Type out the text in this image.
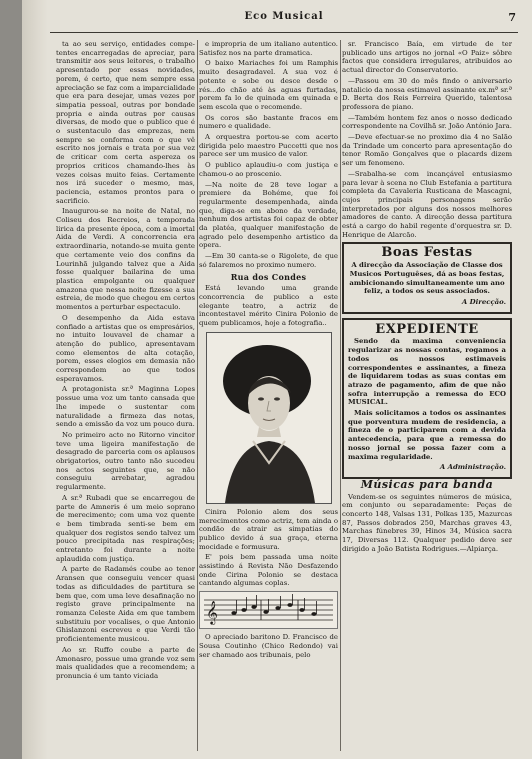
Eco Musical	7

ta ao seu serviço, entidades compe-tentes encarregadas de apreciar, para transmitir aos seus leitores, o trabalho apresentado por essas novidades, porem, é certo, que nem sempre essa apreciação se faz com a imparcialidade que era para desejar, umas vezes por simpatia pessoal, outras por bondade propria e ainda outras por causas diversas, de modo que o publico que é o sustentaculo das emprezas, nem sempre se conforma com o que vê escrito nos jornais e trata por sua vez de criticar com certa aspereza os proprios criticos chamando-lhes às vezes coisas muito feias. Certamente nos irá suceder o mesmo, mas, paciencia, estamos prontos para o sacrificio.

Inaugurou-se na noite de Natal, no Coliseu dos Recreios, a temporada lirica da presente época, com a imortal Aida de Verdi. A concorrencia era extraordinaria, notando-se muita gente que certamente veio dos confins da Lourinhã julgando talvez que a Aida fosse qualquer bailarina de uma plastica empolgante ou qualquer amazona que nessa noite fizesse a sua estreia, de modo que chegou em certos momentos a perturbar espectaculo.

O desempenho da Aida estava confiado a artistas que os empresários, no intuito louvavel de chamar a atenção do publico, apresentavam como elementos de alta cotação, porem, esses elogios em demasia não correspondem ao que todos esperavamos.

A protagonista sr.ª Maginna Lopes possue uma voz um tanto cansada que lhe impede o sustentar com naturalidade a firmeza das notas, sendo a emissão da voz um pouco dura.

No primeiro acto no Ritorno vincitor teve uma ligeira manifestação de desagrado de parceria com os aplausos obrigatorios, outro tanto não sucedeu nos actos seguintes que, se não conseguiu arrebatar, agradou regularmente.

A sr.ª Rubadi que se encarregou de parte de Amneris é um meio soprano de merecimento; com uma voz quente e bem timbrada senti-se bem em qualquer dos registos sendo talvez um pouco precipitada nas respirações; entretanto foi durante a noite aplaudida com justiça.

A parte de Radamés coube ao tenor Aransen que conseguiu vencer quasi todas as dificuldades de partitura se bem que, com uma leve desafinação no registo grave principalmente na romanza Celeste Aida em que tambem substituiu por vocalises, o que Antonio Ghislanzoni escreveu e que Verdi tão proficientemente musicou.

Ao sr. Ruffo coube a parte de Amonasro, possue uma grande voz sem mais qualidades que a recomendem; a pronuncia é um tanto viciada

e impropria de um italiano autentico. Satisfez nos na parte dramatica.

O baixo Mariaches foi um Ramphis muito desagradavel. A sua voz é potente e sobe ou desce desde o rés...do chão até às aguas furtadas, porem fa lo de quinada em quinada e sem escola que o recomende.

Os coros são bastante fracos em numero e qualidade.

A orquestra portou-se com acerto dirigida pelo maestro Puccetti que nos parece ser um musico de valor.

O publico aplaudiu-o com justiça e chamou-o ao proscenio.

—Na noite de 28 teve logar a premiere da Bohéme, que foi regularmente desempenhada, ainda que, diga-se em abono da verdade, nenhum dos artistas foi capaz de obter da platéa, qualquer manifestação de agrado pelo desempenho artistico da opera.

—Em 30 canta-se o Rigolete, de que só falaremos no proximo numero.

Rua dos Condes

Está levando uma grande concorrencia de publico a este elegante teatro, a actriz de incontestavel mérito Cinira Polonio de quem publicamos, hoje a fotografia..

Cinira Polonio alem dos seus merecimentos como actriz, tem ainda o condão de atrair as simpatias do publico devido á sua graça, eterna mocidade e formusura.

E' pois bem passada uma noite assistindo á Revista Não Desfazendo onde Cirina Polonio se destaca cantando algumas coplas.

𝄞

O apreciado baritono D. Francisco de Sousa Coutinho (Chico Redondo) vai ser chamado aos tribunais, pelo

sr. Francisco Baía, em virtude de ter publicado uns artigos no jornal «O Paiz» sôbre factos que considera irregulares, atribuidos ao actual director do Conservatorio.

—Passou em 30 do mês findo o aniversario natalicio da nossa estimavel assinante ex.mª sr.ª D. Berta dos Reis Ferreira Querido, talentosa professora de piano.

—Também hontem fez anos o nosso dedicado correspondente na Covilhã sr. João António Jara.

—Deve efectuar-se no proximo dia 4 no Salão da Trindade um concerto para apresentação do tenor Romão Gonçalves que o placards dizem ser um fenomeno.

—Srabalha-se com incançável entusiasmo para levar à scena no Club Estefania a partitura completa da Cavaleria Rusticana de Mascagni, cujos principais personagens serão interpretados por alguns dos nossos melhores amadores de canto. A direcção dessa partitura está a cargo do habil regente d'orquestra sr. D. Henrique de Alarcão.

Boas Festas
A direcção da Associação de Classe dos Musicos Portuguêses, dá as boas festas, ambicionando simultaneamente um ano feliz, a todos os seus associados.
A Direcção.
EXPEDIENTE

Sendo da maxima conveniencia regularizar as nossas contas, rogamos a todos os nossos estimaveis correspondentes e assinantes, a fineza de liquidarem todas as suas contas em atrazo de pagamento, afim de que não sofra interrupção a remessa do ECO MUSICAL.

Mais solicitamos a todos os assinantes que porventura mudem de residencia, a fineza de o participarem com a devida antecedencia, para que a remessa do nosso jornal se possa fazer com a maxima regularidade.

A Administração.
Músicas para banda

Vendem-se os seguintes números de música, em conjunto ou separadamente: Peças de concerto 148, Valsas 131, Polkas 135, Mazurcas 87, Passos dobrados 250, Marchas graves 43, Marchas fúnebres 39, Hinos 34, Música sacra 17, Diversas 112. Qualquer pedido deve ser dirigido a João Batista Rodrigues.—Alpiarça.
